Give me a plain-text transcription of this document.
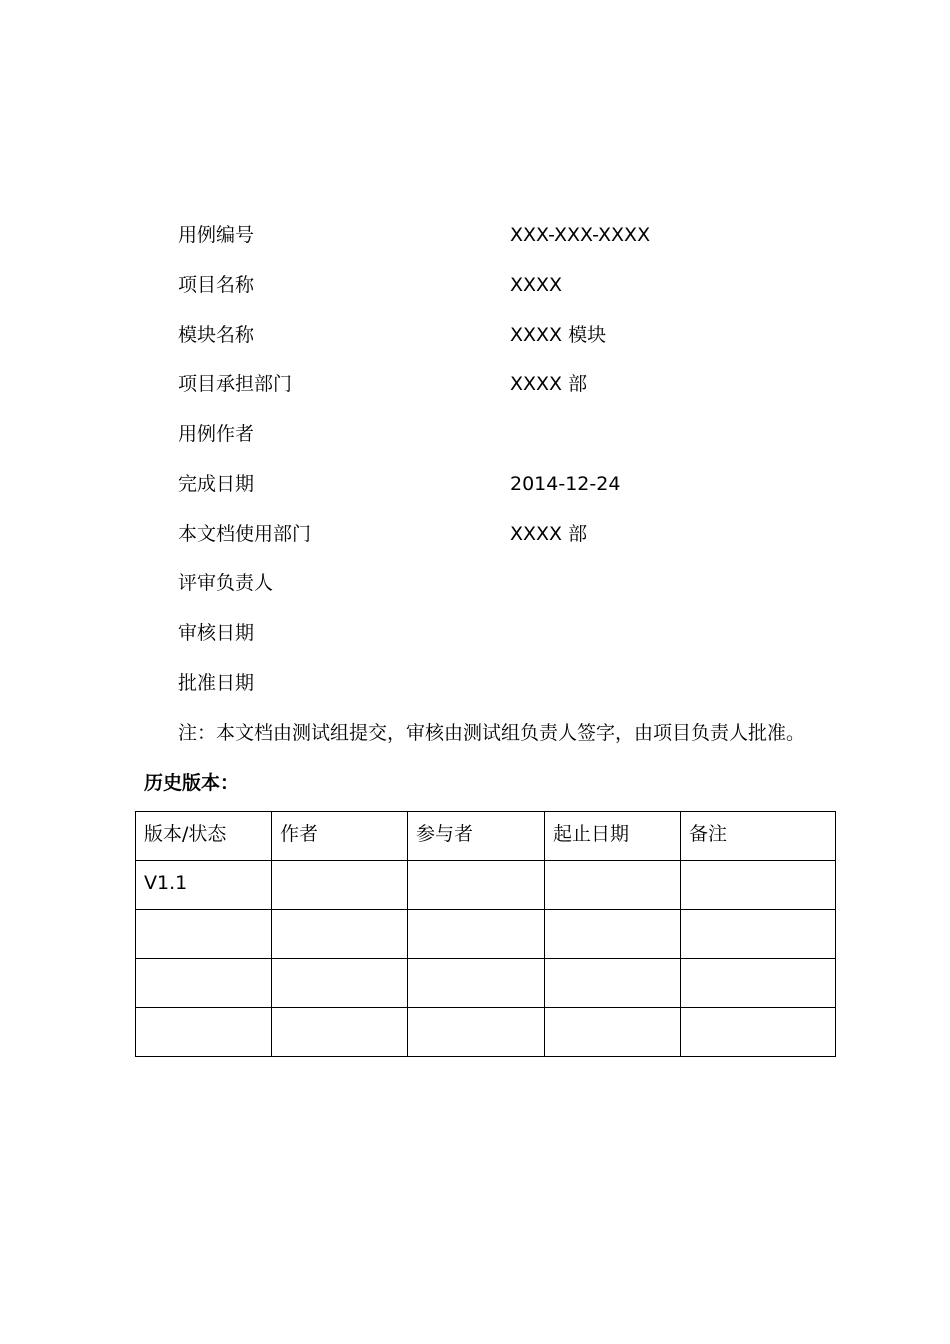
用例编号	XXX-XXX-XXXX
项目名称	XXXX
模块名称	XXXX 模块
项目承担部门	XXXX 部
用例作者
完成日期	2014-12-24
本文档使用部门	XXXX 部
评审负责人
审核日期
批准日期
注：本文档由测试组提交，审核由测试组负责人签字，由项目负责人批准。
历史版本：
版本/状态	作者	参与者	起止日期	备注

V1.1				
